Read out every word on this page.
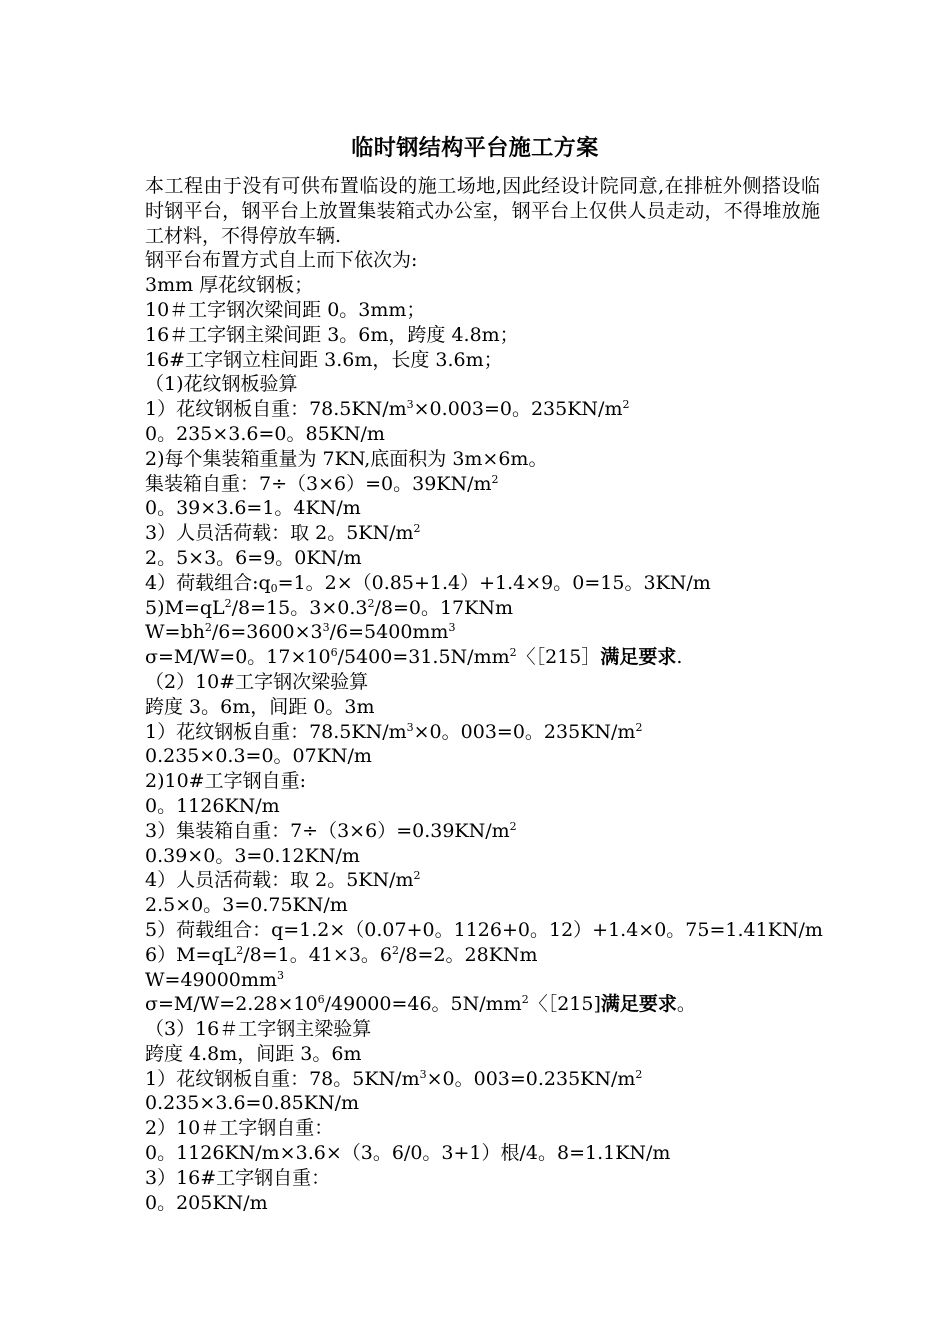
临时钢结构平台施工方案

本工程由于没有可供布置临设的施工场地,因此经设计院同意,在排桩外侧搭设临时钢平台，钢平台上放置集装箱式办公室，钢平台上仅供人员走动，不得堆放施工材料，不得停放车辆.

钢平台布置方式自上而下依次为:

3mm 厚花纹钢板；

10＃工字钢次梁间距 0。3mm；

16＃工字钢主梁间距 3。6m，跨度 4.8m；

16#工字钢立柱间距 3.6m，长度 3.6m；

（1)花纹钢板验算

1）花纹钢板自重：$78.5KN/m^3\times 0.003=0$。$235KN/m^2$

0。235×3.6=0。85KN/m

2)每个集装箱重量为 7KN,底面积为 3m×6m。

集装箱自重：7÷（3×6）=0。$39KN/m^2$

0。39×3.6=1。4KN/m

3）人员活荷载：取 2。$5KN/m^2$

2。5×3。6=9。0KN/m

4）荷载组合$:q_0=1$。2×（0.85+1.4）+1.4×9。0=15。3KN/m

$5)M=qL^2/8=15$。$3\times 0.3^2/8=0$。17KNm

$W=bh^2/6=3600\times 3^3/6=5400mm^3$

σ=M/W=0。$17\times 10^6/5400=31.5N/mm^2$〈［215］满足要求.

（2）10#工字钢次梁验算

跨度 3。6m，间距 0。3m

1）花纹钢板自重：$78.5KN/m^3\times 0$。003=0。$235KN/m^2$

0.235×0.3=0。07KN/m

2)10#工字钢自重:

0。1126KN/m

3）集装箱自重：$7\div(3\times 6)=0.39KN/m^2$

0.39×0。3=0.12KN/m

4）人员活荷载：取 2。$5KN/m^2$

2.5×0。3=0.75KN/m

5）荷载组合：q=1.2×（0.07+0。1126+0。12）+1.4×0。75=1.41KN/m

$6)M=qL^2/8=1$。41×3。$6^2/8=2$。28KNm

$W=49000mm^3$

$\sigma=M/W=2.28\times 10^6/49000=46$。$5N/mm^2$〈［215]满足要求。

（3）16＃工字钢主梁验算

跨度 4.8m，间距 3。6m

1）花纹钢板自重：78。$5KN/m^3\times 0$。$003=0.235KN/m^2$

0.235×3.6=0.85KN/m

2）10＃工字钢自重：

0。1126KN/m×3.6×（3。6/0。3+1）根/4。8=1.1KN/m

3）16#工字钢自重：

0。205KN/m
